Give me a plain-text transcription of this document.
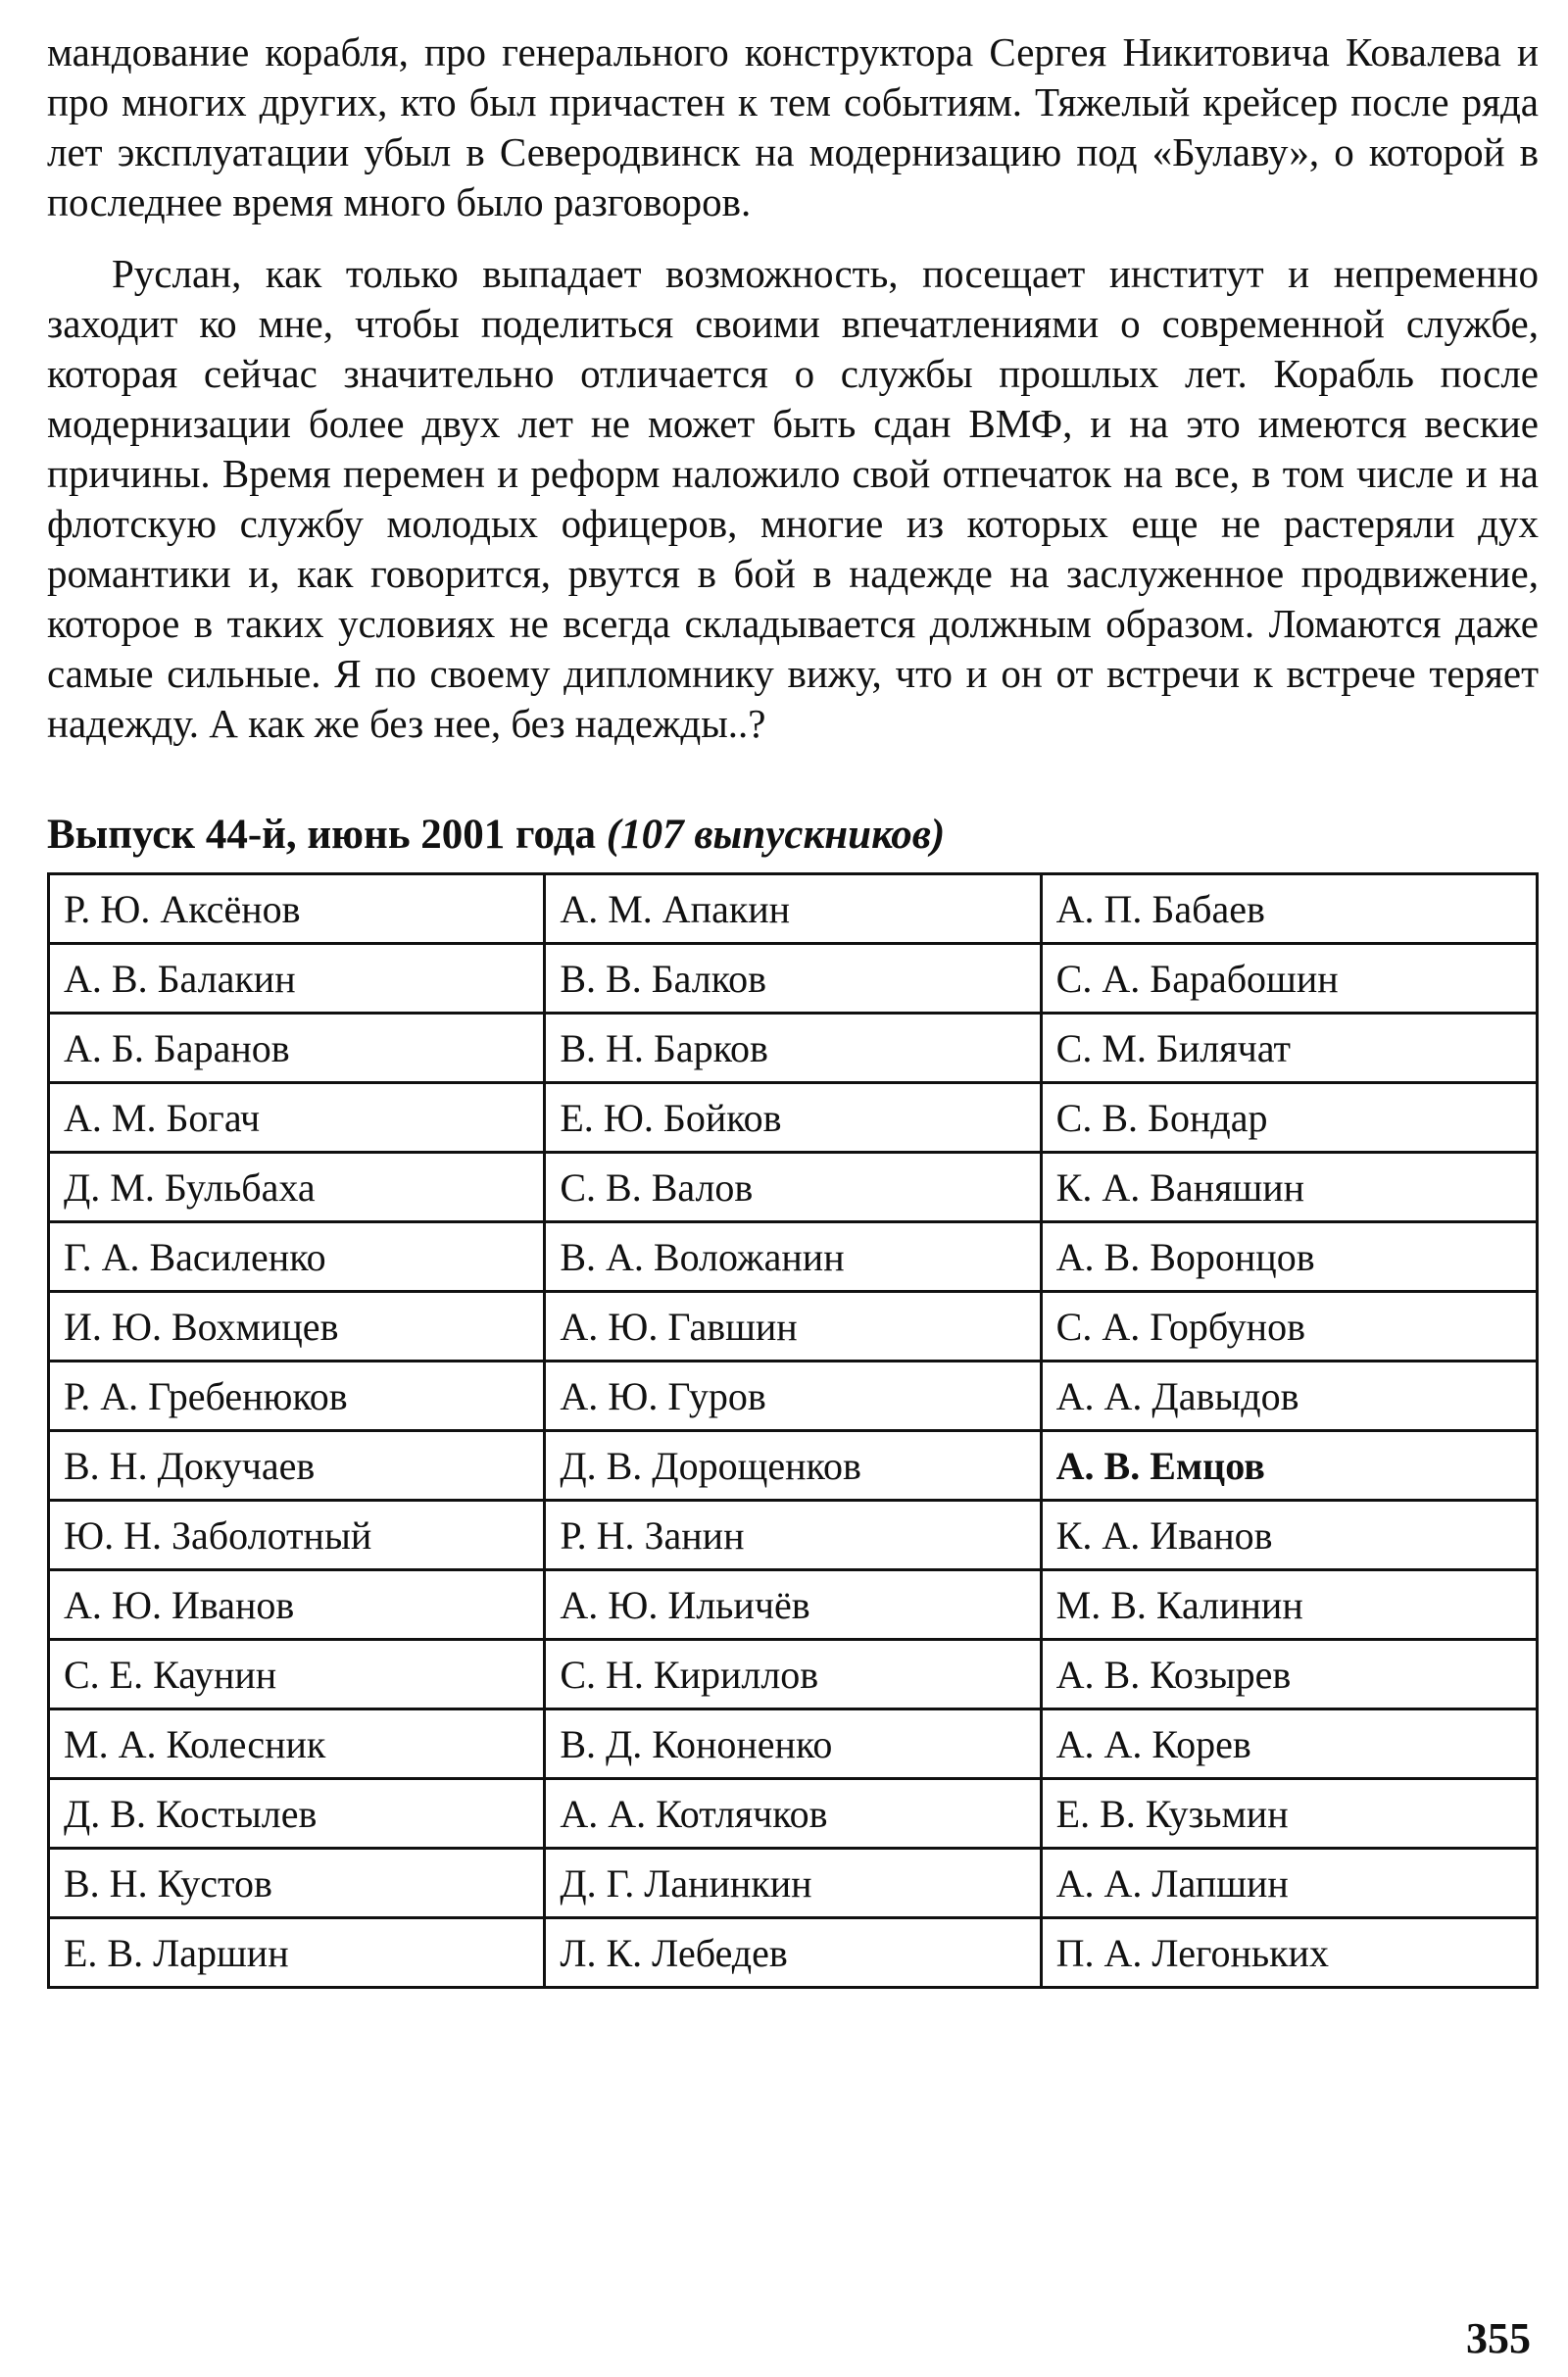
мандование корабля, про генерального конструктора Сергея Никитовича Ковалева и про многих других, кто был причастен к тем событиям. Тяжелый крейсер после ряда лет эксплуатации убыл в Северодвинск на модернизацию под «Булаву», о которой в последнее время много было разговоров.

Руслан, как только выпадает возможность, посещает институт и непременно заходит ко мне, чтобы поделиться своими впечатлениями о современной службе, которая сейчас значительно отличается о службы прошлых лет. Корабль после модернизации более двух лет не может быть сдан ВМФ, и на это имеются веские причины. Время перемен и реформ наложило свой отпечаток на все, в том числе и на флотскую службу молодых офицеров, многие из которых еще не растеряли дух романтики и, как говорится, рвутся в бой в надежде на заслуженное продвижение, которое в таких условиях не всегда складывается должным образом. Ломаются даже самые сильные. Я по своему дипломнику вижу, что и он от встречи к встрече теряет надежду. А как же без нее, без надежды..?

Выпуск 44-й, июнь 2001 года (107 выпускников)
Р. Ю. Аксёнов	А. М. Апакин	А. П. Бабаев
А. В. Балакин	В. В. Балков	С. А. Барабошин
А. Б. Баранов	В. Н. Барков	С. М. Билячат
А. М. Богач	Е. Ю. Бойков	С. В. Бондар
Д. М. Бульбаха	С. В. Валов	К. А. Ваняшин
Г. А. Василенко	В. А. Воложанин	А. В. Воронцов
И. Ю. Вохмицев	А. Ю. Гавшин	С. А. Горбунов
Р. А. Гребенюков	А. Ю. Гуров	А. А. Давыдов
В. Н. Докучаев	Д. В. Дорощенков	А. В. Емцов
Ю. Н. Заболотный	Р. Н. Занин	К. А. Иванов
А. Ю. Иванов	А. Ю. Ильичёв	М. В. Калинин
С. Е. Каунин	С. Н. Кириллов	А. В. Козырев
М. А. Колесник	В. Д. Кононенко	А. А. Корев
Д. В. Костылев	А. А. Котлячков	Е. В. Кузьмин
В. Н. Кустов	Д. Г. Ланинкин	А. А. Лапшин
Е. В. Ларшин	Л. К. Лебедев	П. А. Легоньких
355
